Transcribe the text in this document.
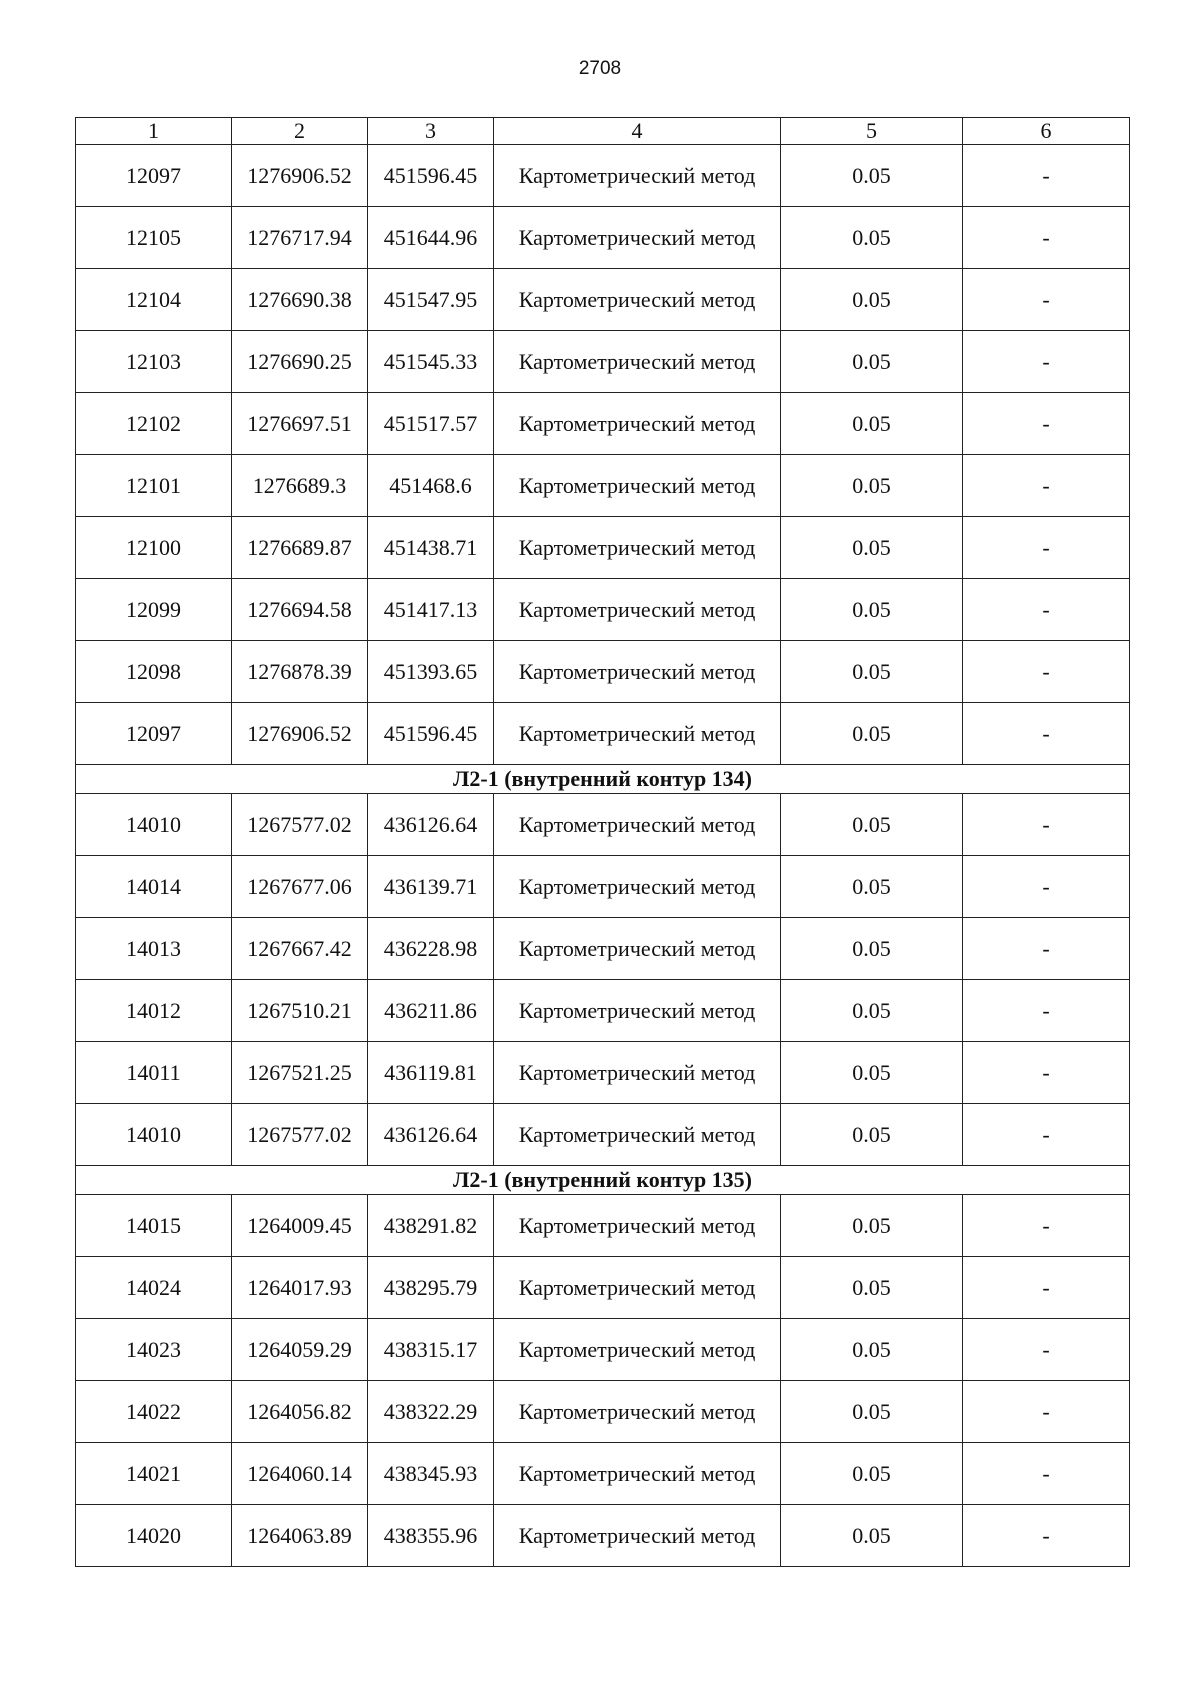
2708
1	2	3	4	5	6
12097	1276906.52	451596.45	Картометрический метод	0.05	-
12105	1276717.94	451644.96	Картометрический метод	0.05	-
12104	1276690.38	451547.95	Картометрический метод	0.05	-
12103	1276690.25	451545.33	Картометрический метод	0.05	-
12102	1276697.51	451517.57	Картометрический метод	0.05	-
12101	1276689.3	451468.6	Картометрический метод	0.05	-
12100	1276689.87	451438.71	Картометрический метод	0.05	-
12099	1276694.58	451417.13	Картометрический метод	0.05	-
12098	1276878.39	451393.65	Картометрический метод	0.05	-
12097	1276906.52	451596.45	Картометрический метод	0.05	-
Л2-1 (внутренний контур 134)					
14010	1267577.02	436126.64	Картометрический метод	0.05	-
14014	1267677.06	436139.71	Картометрический метод	0.05	-
14013	1267667.42	436228.98	Картометрический метод	0.05	-
14012	1267510.21	436211.86	Картометрический метод	0.05	-
14011	1267521.25	436119.81	Картометрический метод	0.05	-
14010	1267577.02	436126.64	Картометрический метод	0.05	-
Л2-1 (внутренний контур 135)					
14015	1264009.45	438291.82	Картометрический метод	0.05	-
14024	1264017.93	438295.79	Картометрический метод	0.05	-
14023	1264059.29	438315.17	Картометрический метод	0.05	-
14022	1264056.82	438322.29	Картометрический метод	0.05	-
14021	1264060.14	438345.93	Картометрический метод	0.05	-
14020	1264063.89	438355.96	Картометрический метод	0.05	-
